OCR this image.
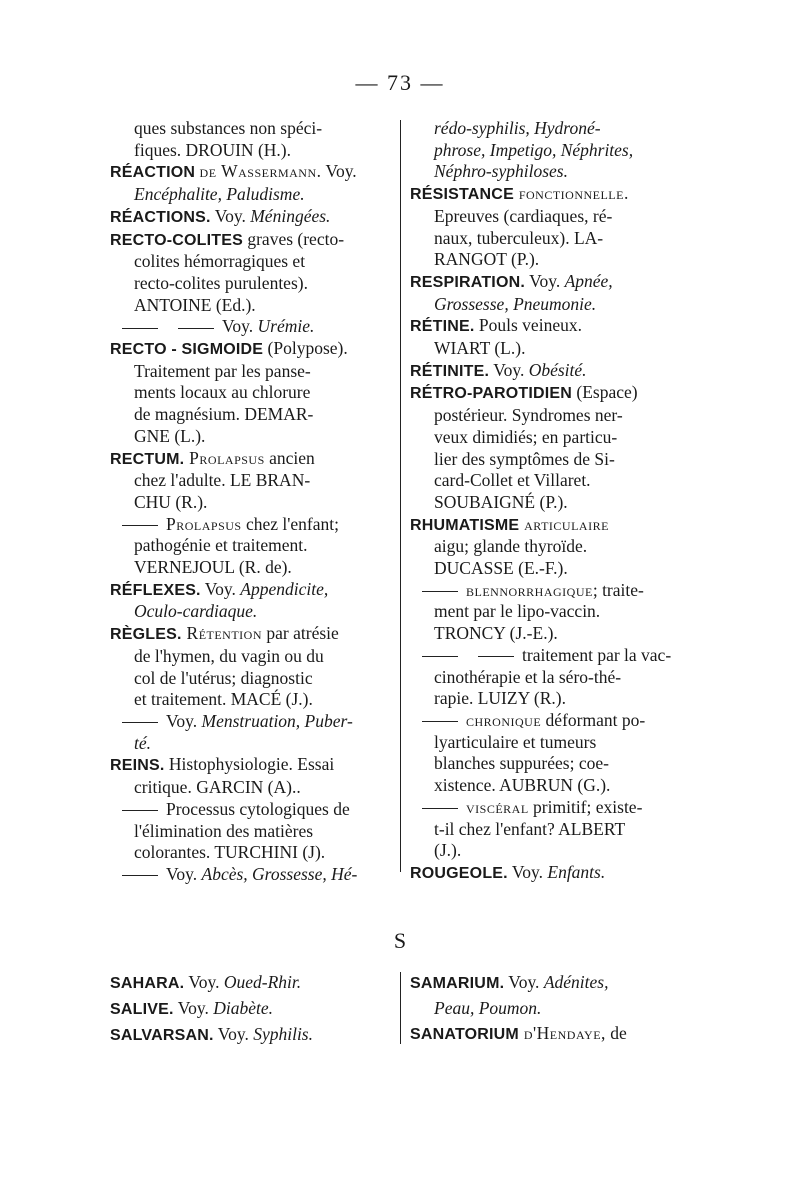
— 73 —
ques substances non spéci-
fiques. DROUIN (H.).
RÉACTION de Wassermann. Voy.
Encéphalite, Paludisme.
RÉACTIONS. Voy. Méningées.
RECTO-COLITES graves (recto-
colites hémorragiques et
recto-colites purulentes).
ANTOINE (Ed.).
Voy. Urémie.
RECTO - SIGMOIDE (Polypose).
Traitement par les panse-
ments locaux au chlorure
de magnésium. DEMAR-
GNE (L.).
RECTUM. Prolapsus ancien
chez l'adulte. LE BRAN-
CHU (R.).
Prolapsus chez l'enfant;
pathogénie et traitement.
VERNEJOUL (R. de).
RÉFLEXES. Voy. Appendicite,
Oculo-cardiaque.
RÈGLES. Rétention par atrésie
de l'hymen, du vagin ou du
col de l'utérus; diagnostic
et traitement. MACÉ (J.).
Voy. Menstruation, Puber-
té.
REINS. Histophysiologie. Essai
critique. GARCIN (A)..
Processus cytologiques de
l'élimination des matières
colorantes. TURCHINI (J).
Voy. Abcès, Grossesse, Hé-
rédo-syphilis, Hydroné-
phrose, Impetigo, Néphrites,
Néphro-syphiloses.
RÉSISTANCE fonctionnelle.
Epreuves (cardiaques, ré-
naux, tuberculeux). LA-
RANGOT (P.).
RESPIRATION. Voy. Apnée,
Grossesse, Pneumonie.
RÉTINE. Pouls veineux.
WIART (L.).
RÉTINITE. Voy. Obésité.
RÉTRO-PAROTIDIEN (Espace)
postérieur. Syndromes ner-
veux dimidiés; en particu-
lier des symptômes de Si-
card-Collet et Villaret.
SOUBAIGNÉ (P.).
RHUMATISME articulaire
aigu; glande thyroïde.
DUCASSE (E.-F.).
blennorrhagique; traite-
ment par le lipo-vaccin.
TRONCY (J.-E.).
traitement par la vac-
cinothérapie et la séro-thé-
rapie. LUIZY (R.).
chronique déformant po-
lyarticulaire et tumeurs
blanches suppurées; coe-
xistence. AUBRUN (G.).
viscéral primitif; existe-
t-il chez l'enfant? ALBERT
(J.).
ROUGEOLE. Voy. Enfants.
S
SAHARA. Voy. Oued-Rhir.
SALIVE. Voy. Diabète.
SALVARSAN. Voy. Syphilis.
SAMARIUM. Voy. Adénites,
Peau, Poumon.
SANATORIUM d'Hendaye, de
